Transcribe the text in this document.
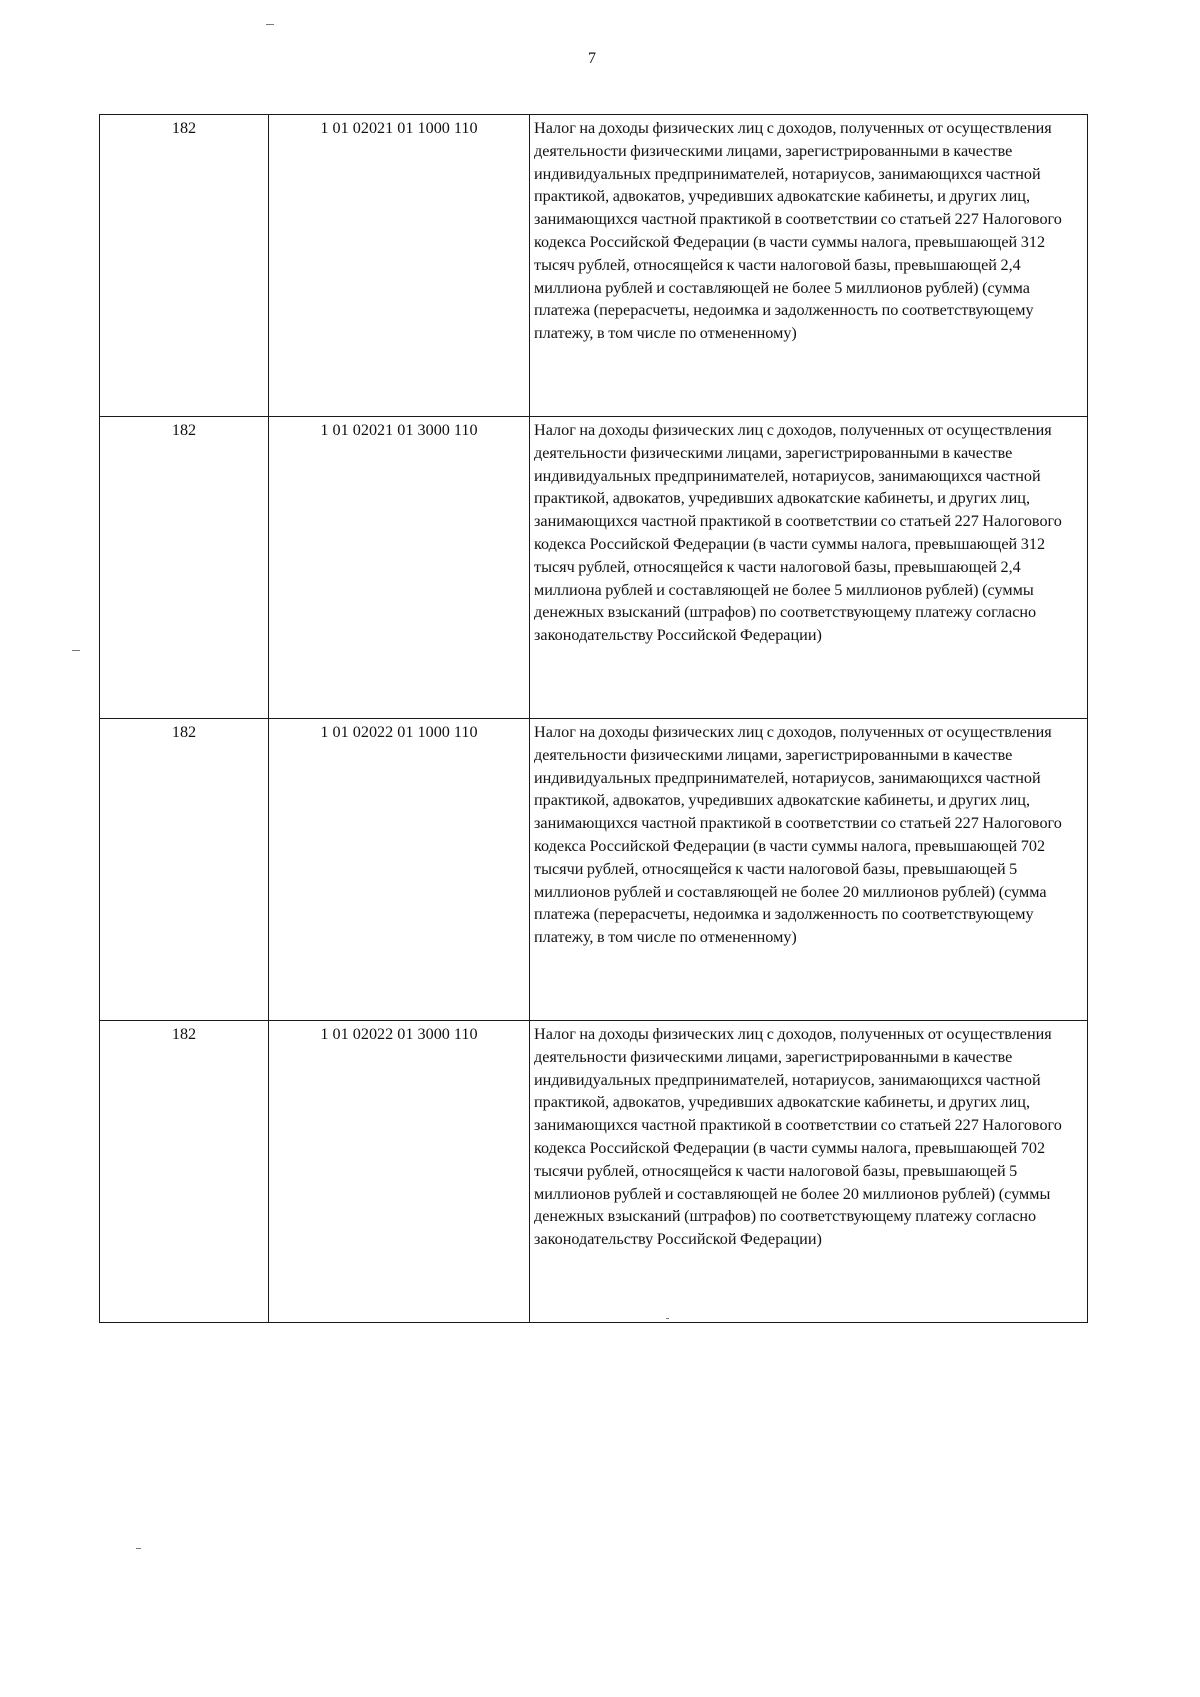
7
182	1 01 02021 01 1000 110	Налог на доходы физических лиц с доходов, полученных от осуществления деятельности физическими лицами, зарегистрированными в качестве индивидуальных предпринимателей, нотариусов, занимающихся частной практикой, адвокатов, учредивших адвокатские кабинеты, и других лиц, занимающихся частной практикой в соответствии со статьей 227 Налогового кодекса Российской Федерации (в части суммы налога, превышающей 312 тысяч рублей, относящейся к части налоговой базы, превышающей 2,4 миллиона рублей и составляющей не более 5 миллионов рублей) (сумма платежа (перерасчеты, недоимка и задолженность по соответствующему платежу, в том числе по отмененному)
182	1 01 02021 01 3000 110	Налог на доходы физических лиц с доходов, полученных от осуществления деятельности физическими лицами, зарегистрированными в качестве индивидуальных предпринимателей, нотариусов, занимающихся частной практикой, адвокатов, учредивших адвокатские кабинеты, и других лиц, занимающихся частной практикой в соответствии со статьей 227 Налогового кодекса Российской Федерации (в части суммы налога, превышающей 312 тысяч рублей, относящейся к части налоговой базы, превышающей 2,4 миллиона рублей и составляющей не более 5 миллионов рублей) (суммы денежных взысканий (штрафов) по соответствующему платежу согласно законодательству Российской Федерации)
182	1 01 02022 01 1000 110	Налог на доходы физических лиц с доходов, полученных от осуществления деятельности физическими лицами, зарегистрированными в качестве индивидуальных предпринимателей, нотариусов, занимающихся частной практикой, адвокатов, учредивших адвокатские кабинеты, и других лиц, занимающихся частной практикой в соответствии со статьей 227 Налогового кодекса Российской Федерации (в части суммы налога, превышающей 702 тысячи рублей, относящейся к части налоговой базы, превышающей 5 миллионов рублей и составляющей не более 20 миллионов рублей) (сумма платежа (перерасчеты, недоимка и задолженность по соответствующему платежу, в том числе по отмененному)
182	1 01 02022 01 3000 110	Налог на доходы физических лиц с доходов, полученных от осуществления деятельности физическими лицами, зарегистрированными в качестве индивидуальных предпринимателей, нотариусов, занимающихся частной практикой, адвокатов, учредивших адвокатские кабинеты, и других лиц, занимающихся частной практикой в соответствии со статьей 227 Налогового кодекса Российской Федерации (в части суммы налога, превышающей 702 тысячи рублей, относящейся к части налоговой базы, превышающей 5 миллионов рублей и составляющей не более 20 миллионов рублей) (суммы денежных взысканий (штрафов) по соответствующему платежу согласно законодательству Российской Федерации)
